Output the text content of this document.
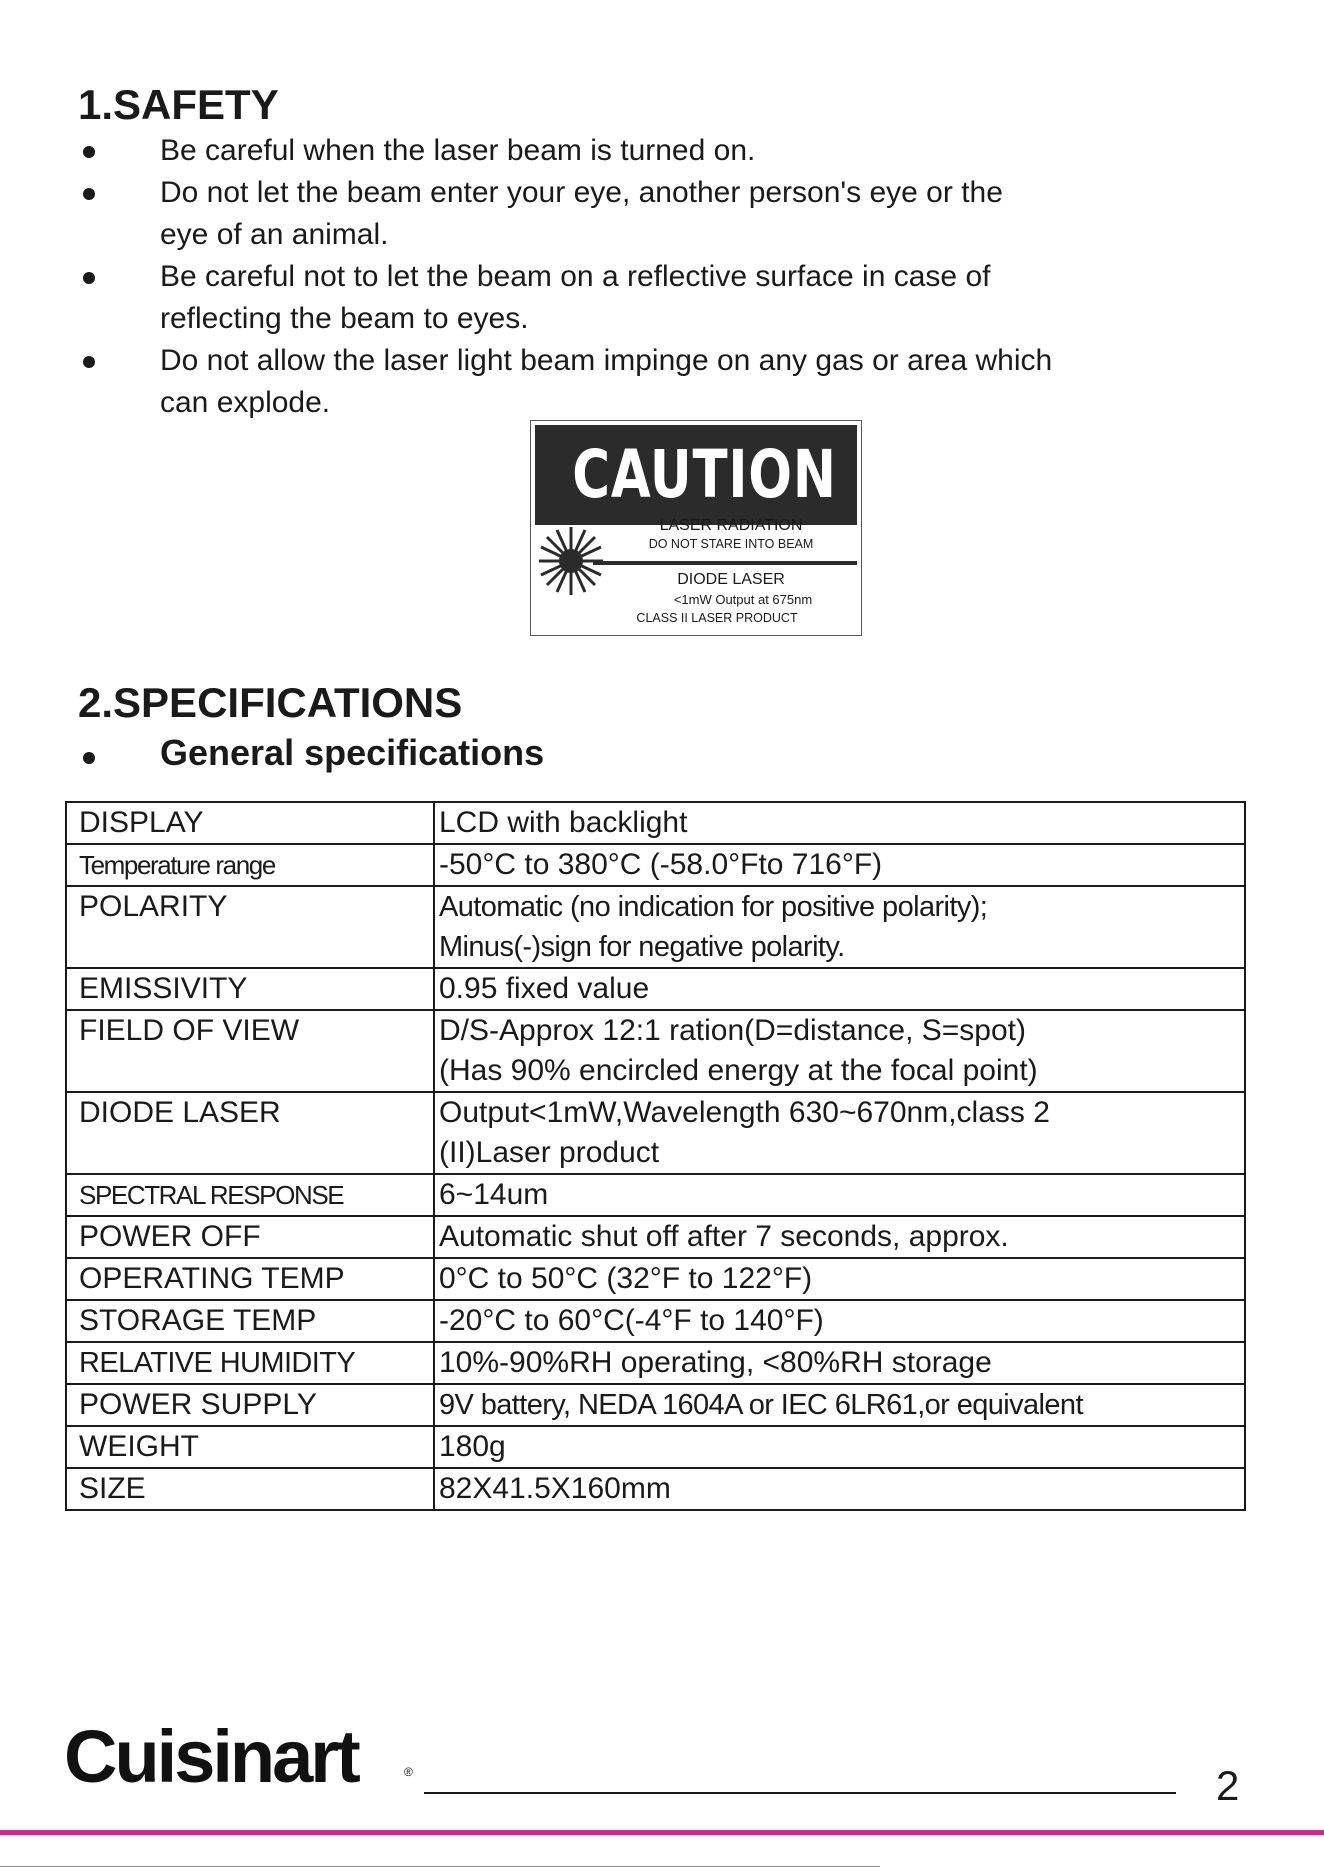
1.SAFETY
Be careful when the laser beam is turned on.
Do not let the beam enter your eye, another person's eye or the
eye of an animal.
Be careful not to let the beam on a reflective surface in case of
reflecting the beam to eyes.
Do not allow the laser light beam impinge on any gas or area which
can explode.
CAUTION
LASER RADIATION
DO NOT STARE INTO BEAM
DIODE LASER
<1mW Output at 675nm
CLASS II LASER PRODUCT
2.SPECIFICATIONS
General specifications
DISPLAY	LCD with backlight

Temperature range	-50°C to 380°C (-58.0°Fto 716°F)

POLARITY	Automatic (no indication for positive polarity);
Minus(-)sign for negative polarity.

EMISSIVITY	0.95 fixed value

FIELD OF VIEW	D/S-Approx 12:1 ration(D=distance, S=spot)
(Has 90% encircled energy at the focal point)

DIODE LASER	Output<1mW,Wavelength 630~670nm,class 2
(II)Laser product

SPECTRAL RESPONSE	6~14um

POWER OFF	Automatic shut off after 7 seconds, approx.

OPERATING TEMP	0°C to 50°C (32°F to 122°F)

STORAGE TEMP	-20°C to 60°C(-4°F to 140°F)

RELATIVE HUMIDITY	10%-90%RH operating, <80%RH storage

POWER SUPPLY	9V battery, NEDA 1604A or IEC 6LR61,or equivalent

WEIGHT	180g

SIZE	82X41.5X160mm
Cuisinart	®	2
